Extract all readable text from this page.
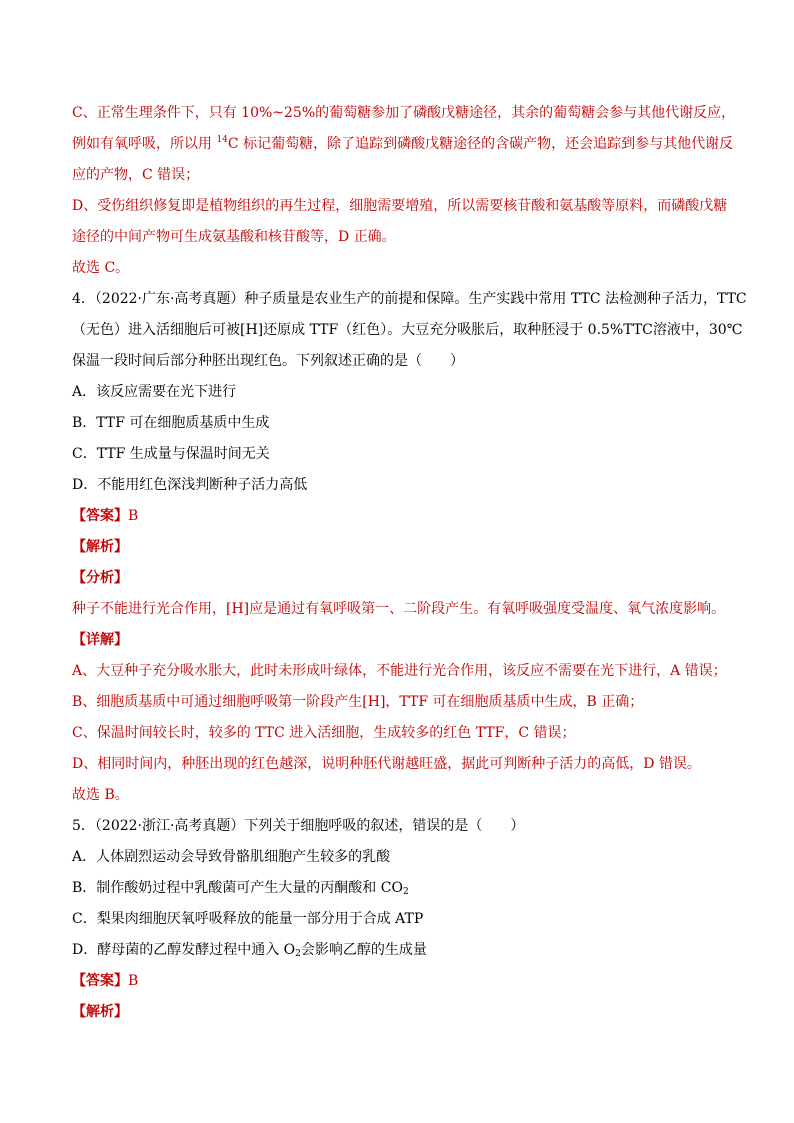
C、正常生理条件下，只有 10%~25%的葡萄糖参加了磷酸戊糖途径，其余的葡萄糖会参与其他代谢反应，
例如有氧呼吸，所以用 $^{14}$C 标记葡萄糖，除了追踪到磷酸戊糖途径的含碳产物，还会追踪到参与其他代谢反
应的产物，C 错误；
D、受伤组织修复即是植物组织的再生过程，细胞需要增殖，所以需要核苷酸和氨基酸等原料，而磷酸戊糖
途径的中间产物可生成氨基酸和核苷酸等，D 正确。
故选 C。
4．（2022·广东·高考真题）种子质量是农业生产的前提和保障。生产实践中常用 TTC 法检测种子活力，TTC
（无色）进入活细胞后可被[H]还原成 TTF（红色）。大豆充分吸胀后，取种胚浸于 0.5%TTC溶液中，30℃
保温一段时间后部分种胚出现红色。下列叙述正确的是（　　）
A．该反应需要在光下进行
B．TTF 可在细胞质基质中生成
C．TTF 生成量与保温时间无关
D．不能用红色深浅判断种子活力高低
【答案】B
【解析】
【分析】
种子不能进行光合作用，[H]应是通过有氧呼吸第一、二阶段产生。有氧呼吸强度受温度、氧气浓度影响。
【详解】
A、大豆种子充分吸水胀大，此时未形成叶绿体，不能进行光合作用，该反应不需要在光下进行，A 错误；
B、细胞质基质中可通过细胞呼吸第一阶段产生[H]，TTF 可在细胞质基质中生成，B 正确；
C、保温时间较长时，较多的 TTC 进入活细胞，生成较多的红色 TTF，C 错误；
D、相同时间内，种胚出现的红色越深，说明种胚代谢越旺盛，据此可判断种子活力的高低，D 错误。
故选 B。
5．（2022·浙江·高考真题）下列关于细胞呼吸的叙述，错误的是（　　）
A．人体剧烈运动会导致骨骼肌细胞产生较多的乳酸
B．制作酸奶过程中乳酸菌可产生大量的丙酮酸和 $CO_2$
C．梨果肉细胞厌氧呼吸释放的能量一部分用于合成 ATP
D．酵母菌的乙醇发酵过程中通入 $O_2$会影响乙醇的生成量
【答案】B
【解析】
